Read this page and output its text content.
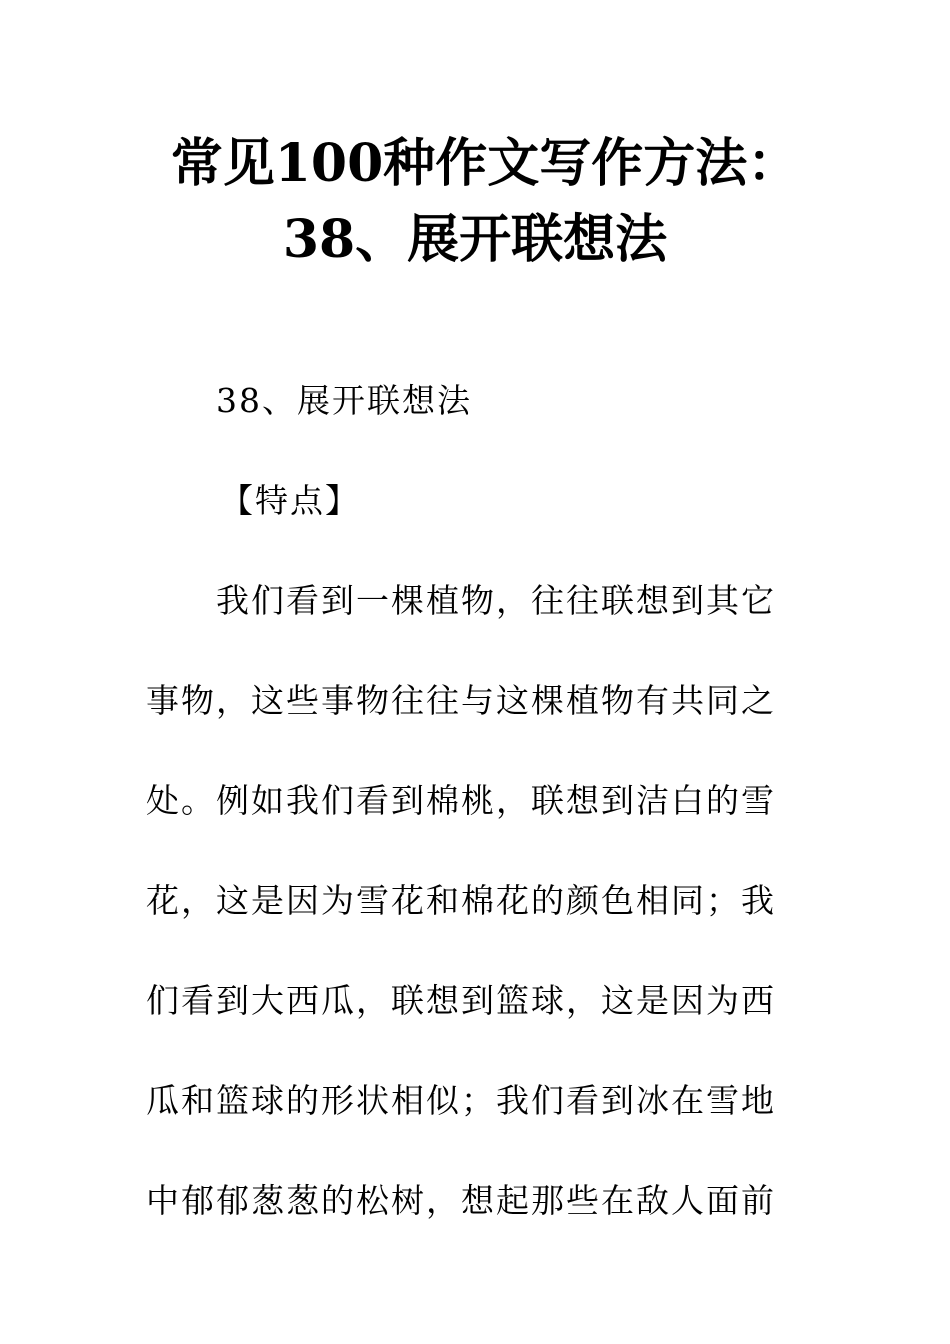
常见100种作文写作方法：
38、展开联想法
38、展开联想法
【特点】
我们看到一棵植物，往往联想到其它
事物，这些事物往往与这棵植物有共同之
处。例如我们看到棉桃，联想到洁白的雪
花，这是因为雪花和棉花的颜色相同；我
们看到大西瓜，联想到篮球，这是因为西
瓜和篮球的形状相似；我们看到冰在雪地
中郁郁葱葱的松树，想起那些在敌人面前
